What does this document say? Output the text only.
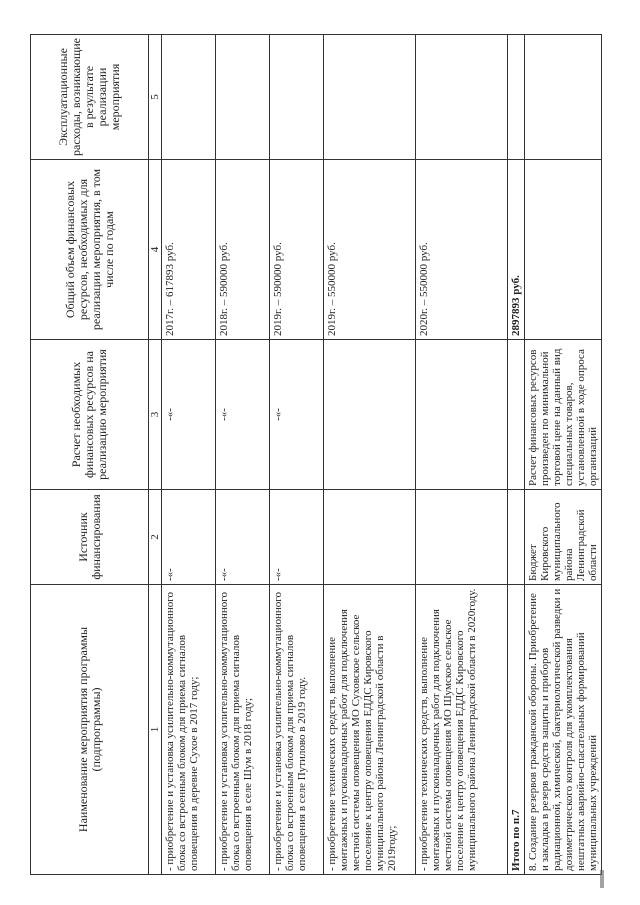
Наименование мероприятия программы (подпрограммы)	Источник финансирования	Расчет необходимых финансовых ресурсов на реализацию мероприятия	Общий объем финансовых ресурсов, необходимых для реализации мероприятия, в том числе по годам	Эксплуатационные расходы, возникающие в результате реализации мероприятия
1	2	3	4	5
- приобретение и установка усилительно-коммутационного блока со встроенным блоком для приема сигналов оповещения в деревне Сухое в 2017 году;	-«-	-«-	2017г. – 617893 руб.	
- приобретение и установка усилительно-коммутационного блока со встроенным блоком для приема сигналов оповещения в селе Шум в 2018 году;	-«-	-«-	2018г. – 590000 руб.	
- приобретение и установка усилительно-коммутационного блока со встроенным блоком для приема сигналов оповещения в селе Путилово в 2019 году.	-«-	-«-	2019г. – 590000 руб.	
- приобретение технических средств, выполнение монтажных и пусконаладочных работ для подключения местной системы оповещения МО Суховское сельское поселение к центру оповещения ЕДДС Кировского муниципального района Ленинградской области в 2019году;			2019г. – 550000 руб.	
- приобретение технических средств, выполнение монтажных и пусконаладочных работ для подключения местной системы оповещения МО Шумское сельское поселение к центру оповещения ЕДДС Кировского муниципального района Ленинградской области в 2020году.			2020г. – 550000 руб.	
Итого по п.7			2897893 руб.	
8. Создание резервов гражданской обороны. Приобретение и закладка в резерв средств защиты и приборов радиационной, химической, бактериологической разведки и дозиметрического контроля для укомплектования нештатных аварийно-спасательных формирований муниципальных учреждений	Бюджет Кировского муниципального района Ленинградской области	Расчет финансовых ресурсов произведен по минимальной торговой цене на данный вид специальных товаров, установленной в ходе опроса организаций		
